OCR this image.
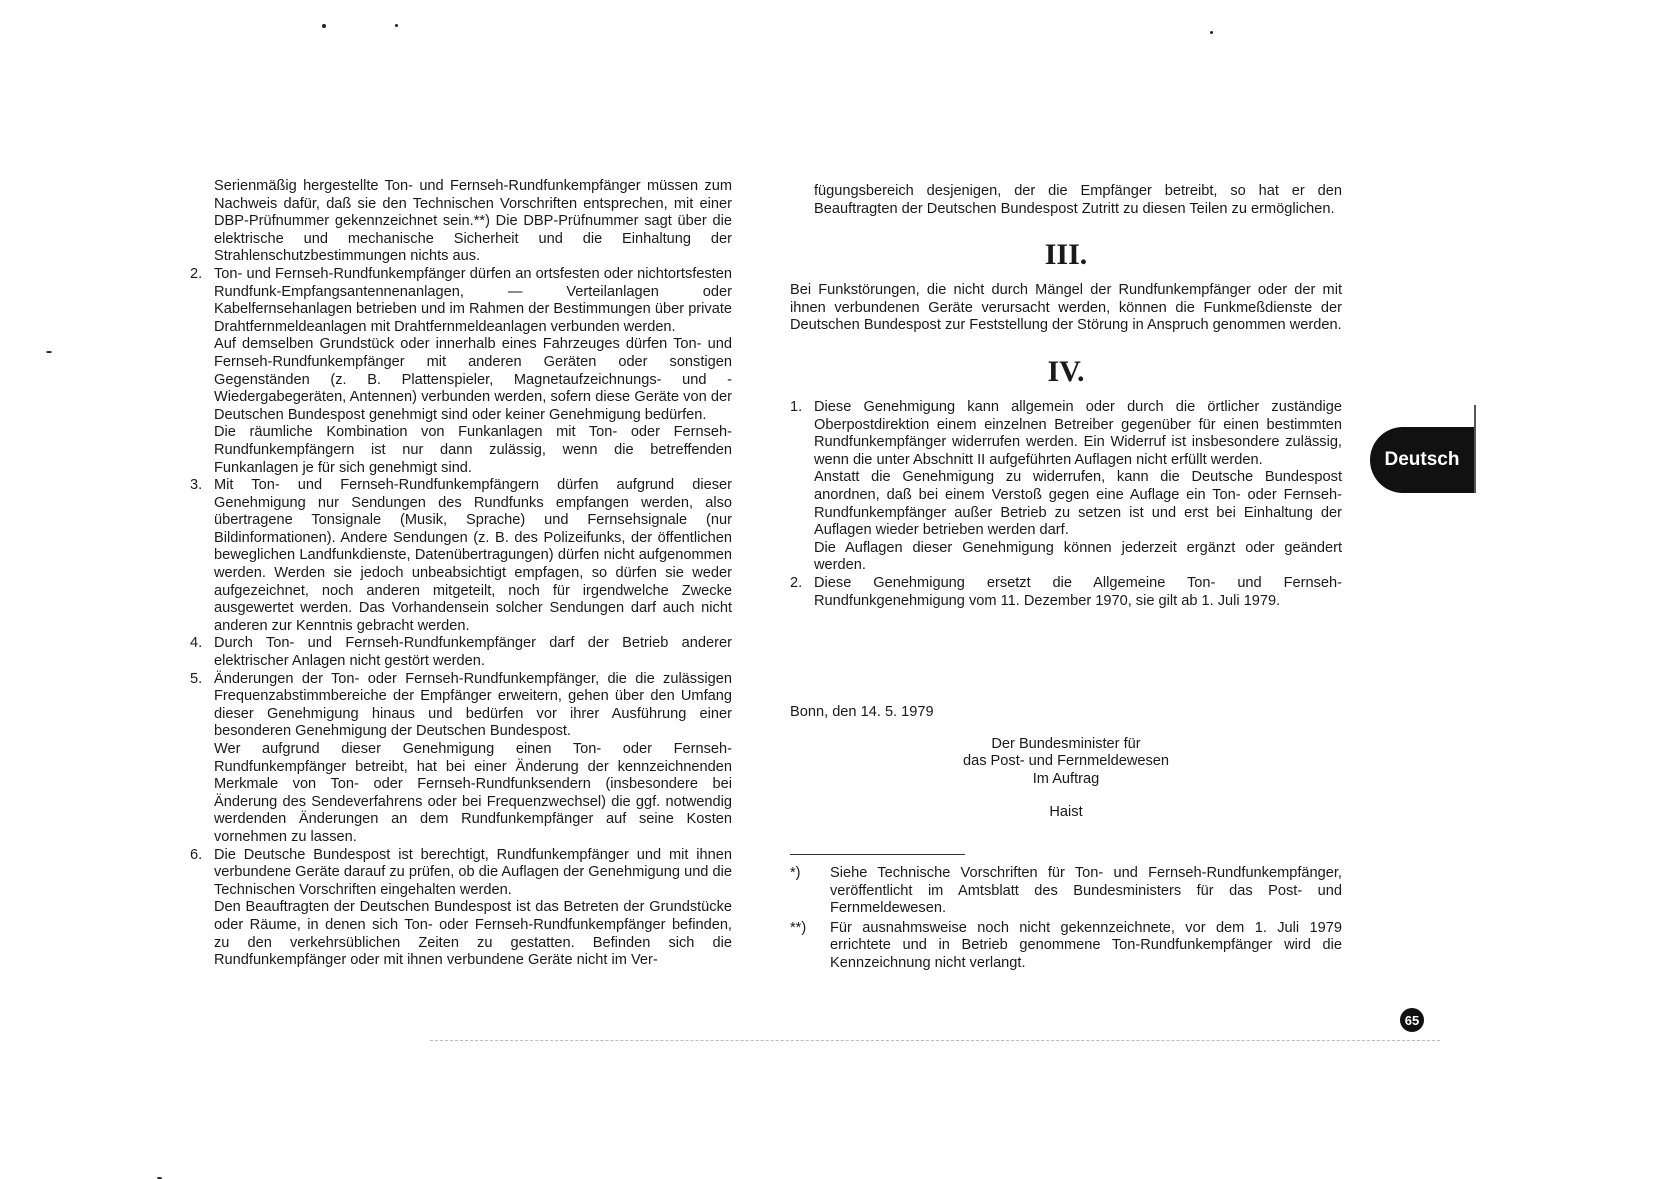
Serienmäßig hergestellte Ton- und Fernseh-Rundfunkempfänger müssen zum Nachweis dafür, daß sie den Technischen Vorschriften entsprechen, mit einer DBP-Prüfnummer gekennzeichnet sein.**) Die DBP-Prüfnummer sagt über die elektrische und mechanische Sicherheit und die Einhaltung der Strahlenschutzbestimmungen nichts aus.

2. Ton- und Fernseh-Rundfunkempfänger dürfen an ortsfesten oder nichtortsfesten Rundfunk-Empfangsantennenanlagen, — Verteilanlagen oder Kabelfernsehanlagen betrieben und im Rahmen der Bestimmungen über private Drahtfernmeldeanlagen mit Drahtfernmeldeanlagen verbunden werden.

Auf demselben Grundstück oder innerhalb eines Fahrzeuges dürfen Ton- und Fernseh-Rundfunkempfänger mit anderen Geräten oder sonstigen Gegenständen (z. B. Plattenspieler, Magnetaufzeichnungs- und -Wiedergabegeräten, Antennen) verbunden werden, sofern diese Geräte von der Deutschen Bundespost genehmigt sind oder keiner Genehmigung bedürfen.

Die räumliche Kombination von Funkanlagen mit Ton- oder Fernseh-Rundfunkempfängern ist nur dann zulässig, wenn die betreffenden Funkanlagen je für sich genehmigt sind.

3. Mit Ton- und Fernseh-Rundfunkempfängern dürfen aufgrund dieser Genehmigung nur Sendungen des Rundfunks empfangen werden, also übertragene Tonsignale (Musik, Sprache) und Fernsehsignale (nur Bildinformationen). Andere Sendungen (z. B. des Polizeifunks, der öffentlichen beweglichen Landfunkdienste, Datenübertragungen) dürfen nicht aufgenommen werden. Werden sie jedoch unbeabsichtigt empfagen, so dürfen sie weder aufgezeichnet, noch anderen mitgeteilt, noch für irgendwelche Zwecke ausgewertet werden. Das Vorhandensein solcher Sendungen darf auch nicht anderen zur Kenntnis gebracht werden.

4. Durch Ton- und Fernseh-Rundfunkempfänger darf der Betrieb anderer elektrischer Anlagen nicht gestört werden.

5. Änderungen der Ton- oder Fernseh-Rundfunkempfänger, die die zulässigen Frequenzabstimmbereiche der Empfänger erweitern, gehen über den Umfang dieser Genehmigung hinaus und bedürfen vor ihrer Ausführung einer besonderen Genehmigung der Deutschen Bundespost.

Wer aufgrund dieser Genehmigung einen Ton- oder Fernseh-Rundfunkempfänger betreibt, hat bei einer Änderung der kennzeichnenden Merkmale von Ton- oder Fernseh-Rundfunksendern (insbesondere bei Änderung des Sendeverfahrens oder bei Frequenzwechsel) die ggf. notwendig werdenden Änderungen an dem Rundfunkempfänger auf seine Kosten vornehmen zu lassen.

6. Die Deutsche Bundespost ist berechtigt, Rundfunkempfänger und mit ihnen verbundene Geräte darauf zu prüfen, ob die Auflagen der Genehmigung und die Technischen Vorschriften eingehalten werden.

Den Beauftragten der Deutschen Bundespost ist das Betreten der Grundstücke oder Räume, in denen sich Ton- oder Fernseh-Rundfunkempfänger befinden, zu den verkehrsüblichen Zeiten zu gestatten. Befinden sich die Rundfunkempfänger oder mit ihnen verbundene Geräte nicht im Ver-

fügungsbereich desjenigen, der die Empfänger betreibt, so hat er den Beauftragten der Deutschen Bundespost Zutritt zu diesen Teilen zu ermöglichen.

III.

Bei Funkstörungen, die nicht durch Mängel der Rundfunkempfänger oder der mit ihnen verbundenen Geräte verursacht werden, können die Funkmeßdienste der Deutschen Bundespost zur Feststellung der Störung in Anspruch genommen werden.

IV.
1. Diese Genehmigung kann allgemein oder durch die örtlicher zuständige Oberpostdirektion einem einzelnen Betreiber gegenüber für einen bestimmten Rundfunkempfänger widerrufen werden. Ein Widerruf ist insbesondere zulässig, wenn die unter Abschnitt II aufgeführten Auflagen nicht erfüllt werden.

Anstatt die Genehmigung zu widerrufen, kann die Deutsche Bundespost anordnen, daß bei einem Verstoß gegen eine Auflage ein Ton- oder Fernseh-Rundfunkempfänger außer Betrieb zu setzen ist und erst bei Einhaltung der Auflagen wieder betrieben werden darf.

Die Auflagen dieser Genehmigung können jederzeit ergänzt oder geändert werden.

2. Diese Genehmigung ersetzt die Allgemeine Ton- und Fernseh-Rundfunkgenehmigung vom 11. Dezember 1970, sie gilt ab 1. Juli 1979.

Bonn, den 14. 5. 1979

Der Bundesminister für

das Post- und Fernmeldewesen

Im Auftrag

Haist

*) Siehe Technische Vorschriften für Ton- und Fernseh-Rundfunkempfänger, veröffentlicht im Amtsblatt des Bundesministers für das Post- und Fernmeldewesen.

**) Für ausnahmsweise noch nicht gekennzeichnete, vor dem 1. Juli 1979 errichtete und in Betrieb genommene Ton-Rundfunkempfänger wird die Kennzeichnung nicht verlangt.

Deutsch
65
